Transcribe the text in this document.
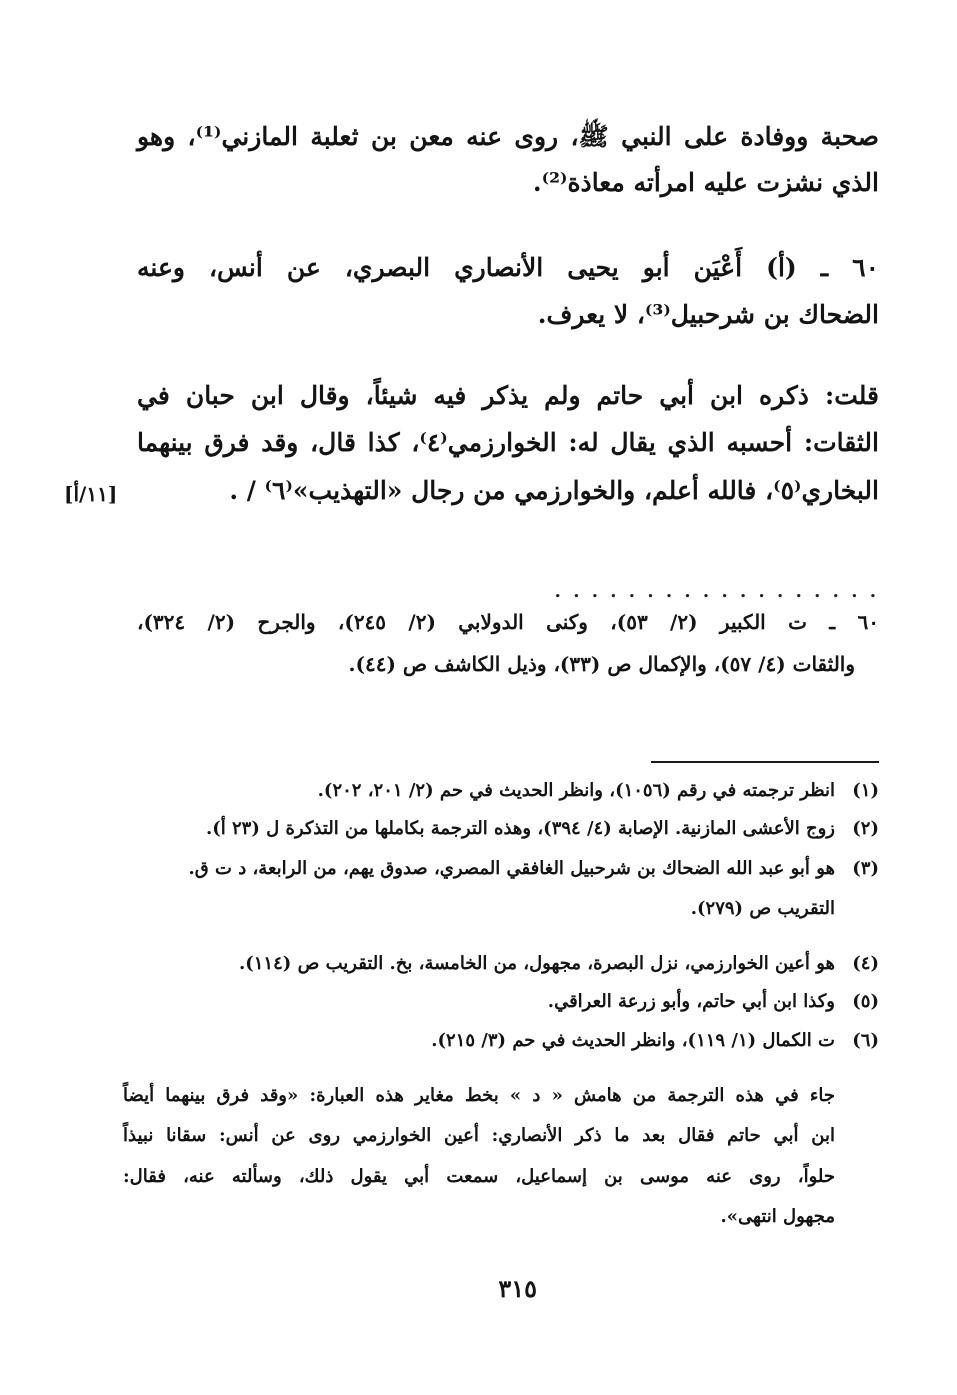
صحبة ووفادة على النبي ﷺ، روى عنه معن بن ثعلبة المازني⁽¹⁾، وهو
الذي نشزت عليه امرأته معاذة⁽²⁾.
٦٠ ـ (أ) أَعْيَن أبو يحيى الأنصاري البصري، عن أنس، وعنه
الضحاك بن شرحبيل⁽³⁾، لا يعرف.
قلت: ذكره ابن أبي حاتم ولم يذكر فيه شيئاً، وقال ابن حبان في
الثقات: أحسبه الذي يقال له: الخوارزمي⁽٤⁾، كذا قال، وقد فرق بينهما
البخاري⁽٥⁾، فالله أعلم، والخوارزمي من رجال «التهذيب»⁽٦⁾ / .
[١١/أ]
. . . . . . . . . . . . . . . . . .
٦٠ ـ ت الكبير (٢/ ٥٣)، وكنى الدولابي (٢/ ٢٤٥)، والجرح (٢/ ٣٢٤)،
والثقات (٤/ ٥٧)، والإكمال ص (٣٣)، وذيل الكاشف ص (٤٤).
(١)
انظر ترجمته في رقم (١٠٥٦)، وانظر الحديث في حم (٢/ ٢٠١، ٢٠٢).
(٢)
زوج الأعشى المازنية. الإصابة (٤/ ٣٩٤)، وهذه الترجمة بكاملها من التذكرة ل (٢٣ أ).
(٣)
هو أبو عبد الله الضحاك بن شرحبيل الغافقي المصري، صدوق يهم، من الرابعة، د ت ق.
التقريب ص (٢٧٩).
(٤)
هو أعين الخوارزمي، نزل البصرة، مجهول، من الخامسة، بخ. التقريب ص (١١٤).
(٥)
وكذا ابن أبي حاتم، وأبو زرعة العراقي.
(٦)
ت الكمال (١/ ١١٩)، وانظر الحديث في حم (٣/ ٢١٥).
جاء في هذه الترجمة من هامش « د » بخط مغاير هذه العبارة: «وقد فرق بينهما أيضاً
ابن أبي حاتم فقال بعد ما ذكر الأنصاري: أعين الخوارزمي روى عن أنس: سقانا نبيذاً
حلواً، روى عنه موسى بن إسماعيل، سمعت أبي يقول ذلك، وسألته عنه، فقال:
مجهول انتهى».
٣١٥
